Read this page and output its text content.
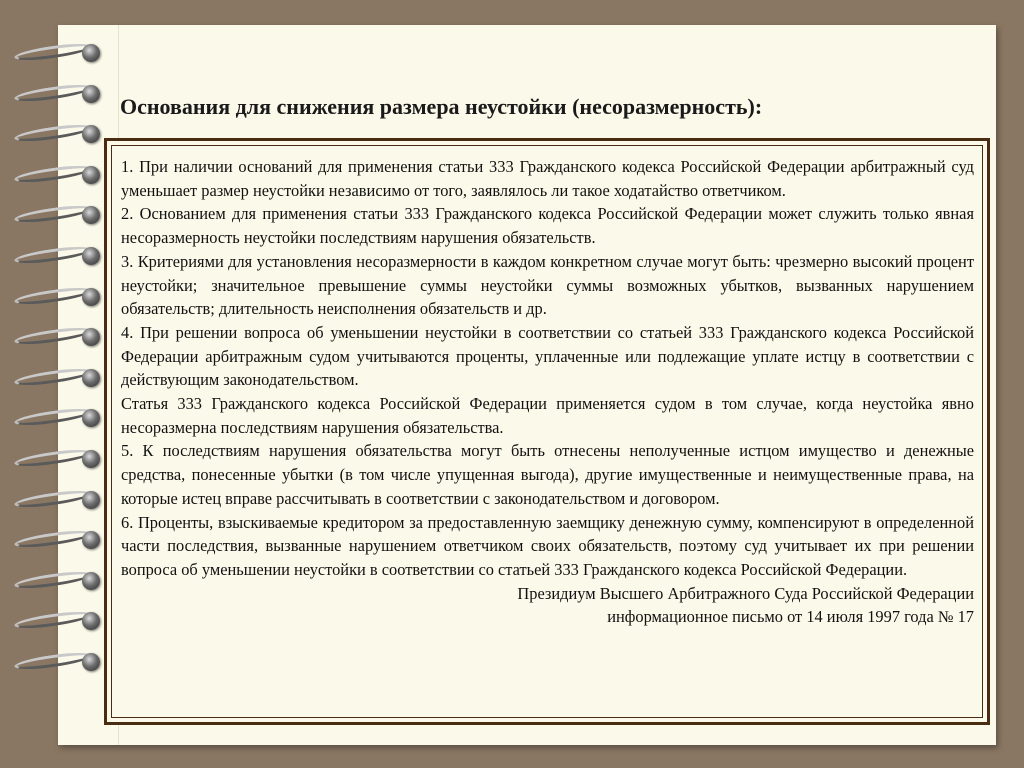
Основания для снижения размера неустойки (несоразмерность):

1. При наличии оснований для применения статьи 333 Гражданского кодекса Российской Федерации арбитражный суд уменьшает размер неустойки независимо от того, заявлялось ли такое ходатайство ответчиком.

2. Основанием для применения статьи 333 Гражданского кодекса Российской Федерации может служить только явная несоразмерность неустойки последствиям нарушения обязательств.

3. Критериями для установления несоразмерности в каждом конкретном случае могут быть: чрезмерно высокий процент неустойки; значительное превышение суммы неустойки суммы возможных убытков, вызванных нарушением обязательств; длительность неисполнения обязательств и др.

4. При решении вопроса об уменьшении неустойки в соответствии со статьей 333 Гражданского кодекса Российской Федерации арбитражным судом учитываются проценты, уплаченные или подлежащие уплате истцу в соответствии с действующим законодательством.

Статья 333 Гражданского кодекса Российской Федерации применяется судом в том случае, когда неустойка явно несоразмерна последствиям нарушения обязательства.

5. К последствиям нарушения обязательства могут быть отнесены неполученные истцом имущество и денежные средства, понесенные убытки (в том числе упущенная выгода), другие имущественные и неимущественные права, на которые истец вправе рассчитывать в соответствии с законодательством и договором.

6. Проценты, взыскиваемые кредитором за предоставленную заемщику денежную сумму, компенсируют в определенной части последствия, вызванные нарушением ответчиком своих обязательств, поэтому суд учитывает их при решении вопроса об уменьшении неустойки в соответствии со статьей 333 Гражданского кодекса Российской Федерации.

Президиум Высшего Арбитражного Суда Российской Федерации

информационное письмо от 14 июля 1997 года № 17
